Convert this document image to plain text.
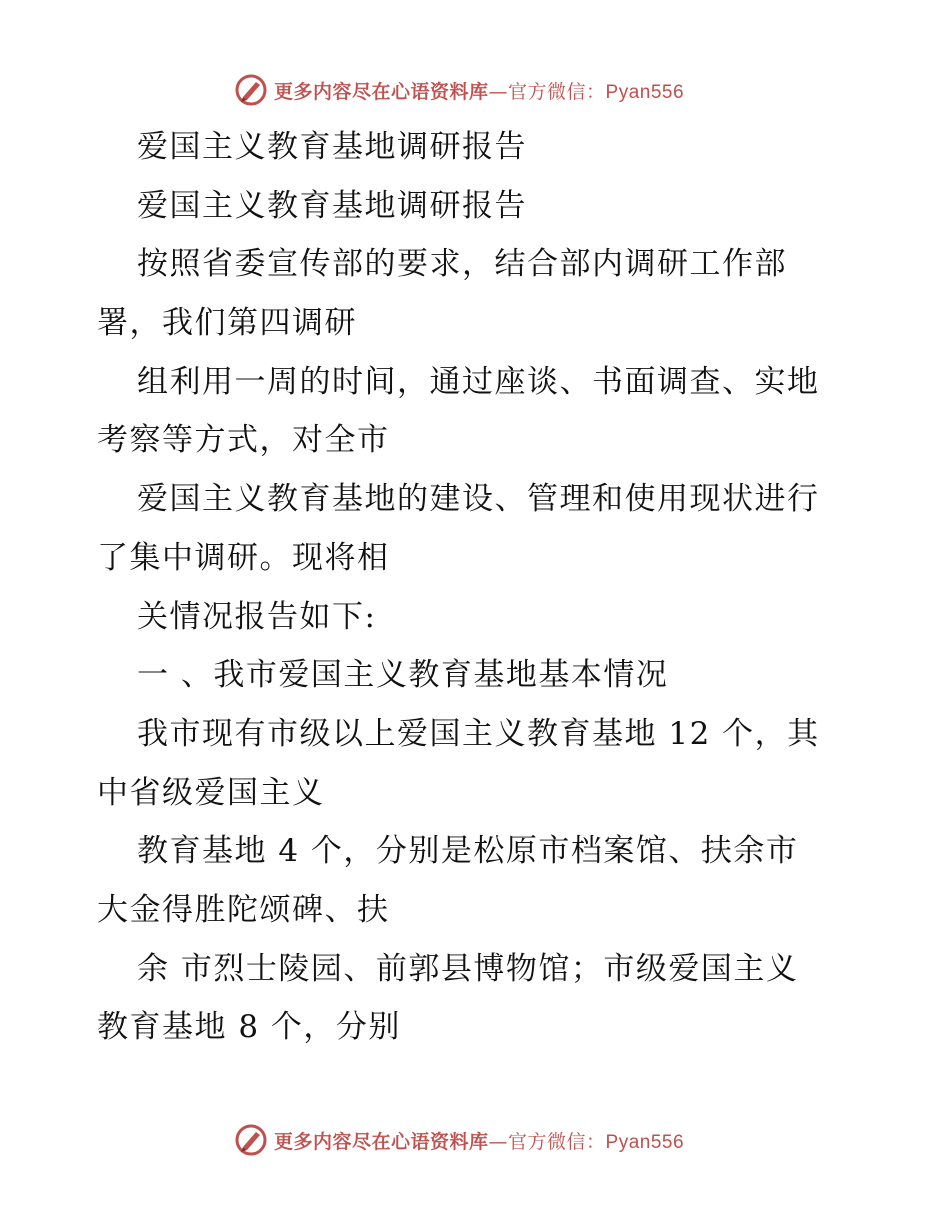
更多内容尽在心语资料库—官方微信：Pyan556
爱国主义教育基地调研报告
爱国主义教育基地调研报告
按照省委宣传部的要求，结合部内调研工作部
署，我们第四调研
组利用一周的时间，通过座谈、书面调查、实地
考察等方式，对全市
爱国主义教育基地的建设、管理和使用现状进行
了集中调研。现将相
关情况报告如下:
一 、我市爱国主义教育基地基本情况
我市现有市级以上爱国主义教育基地 12 个，其
中省级爱国主义
教育基地 4 个，分别是松原市档案馆、扶余市
大金得胜陀颂碑、扶
余 市烈士陵园、前郭县博物馆；市级爱国主义
教育基地 8 个，分别
更多内容尽在心语资料库—官方微信：Pyan556
